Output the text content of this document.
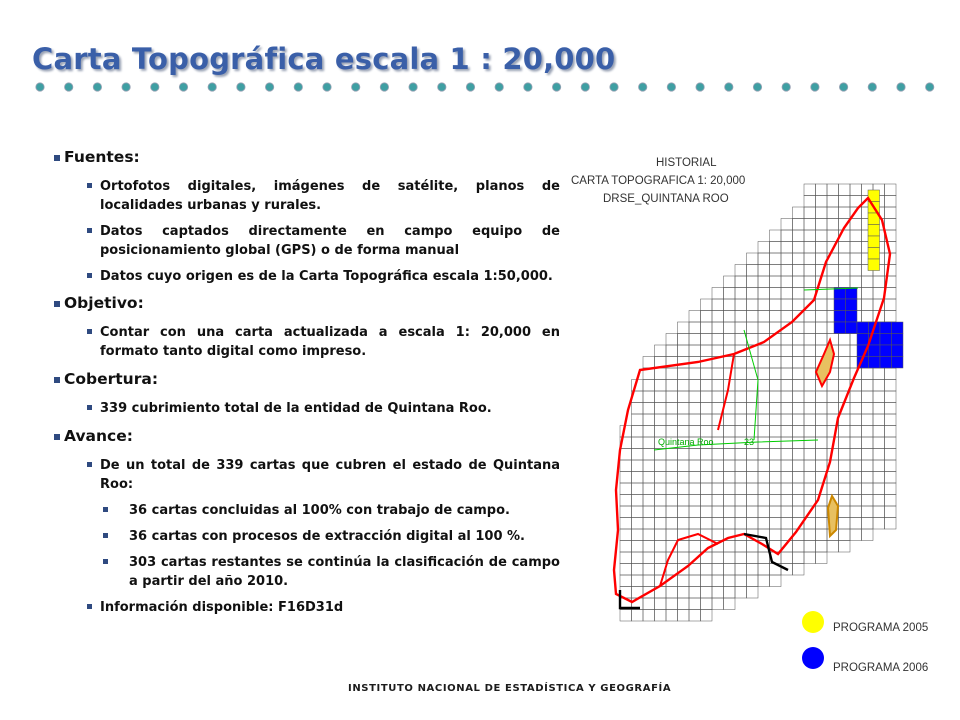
Carta Topográfica escala 1 : 20,000
Fuentes:
Ortofotos digitales, imágenes de satélite, planos de localidades urbanas y rurales.
Datos captados directamente en campo equipo de posicionamiento global (GPS) o de forma manual
Datos cuyo origen es de la Carta Topográfica escala 1:50,000.
Objetivo:
Contar con una carta actualizada a escala 1: 20,000 en formato tanto digital como impreso.
Cobertura:
339 cubrimiento total de la entidad de Quintana Roo.
Avance:
De un total de 339 cartas que cubren el estado de Quintana Roo:
36 cartas concluidas al 100% con trabajo de campo.
36 cartas con procesos de extracción digital al 100 %.
303 cartas restantes se continúa la clasificación de campo a partir del año 2010.
Información disponible: F16D31d
HISTORIAL
CARTA TOPOGRAFICA 1: 20,000
DRSE_QUINTANA ROO
Quintana Roo	23
PROGRAMA 2005
PROGRAMA 2006
INSTITUTO NACIONAL DE ESTADÍSTICA Y GEOGRAFÍA
